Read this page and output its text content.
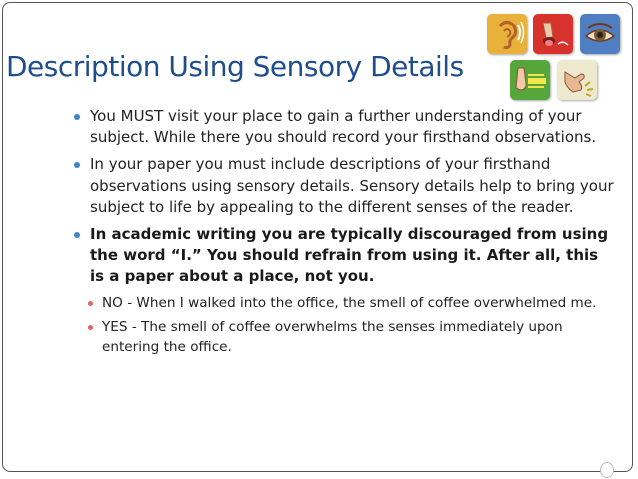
Description Using Sensory Details
You MUST visit your place to gain a further understanding of your subject. While there you should record your firsthand observations.
In your paper you must include descriptions of your firsthand observations using sensory details. Sensory details help to bring your subject to life by appealing to the different senses of the reader.
In academic writing you are typically discouraged from using the word “I.” You should refrain from using it. After all, this is a paper about a place, not you.
NO - When I walked into the office, the smell of coffee overwhelmed me.
YES - The smell of coffee overwhelms the senses immediately upon entering the office.
